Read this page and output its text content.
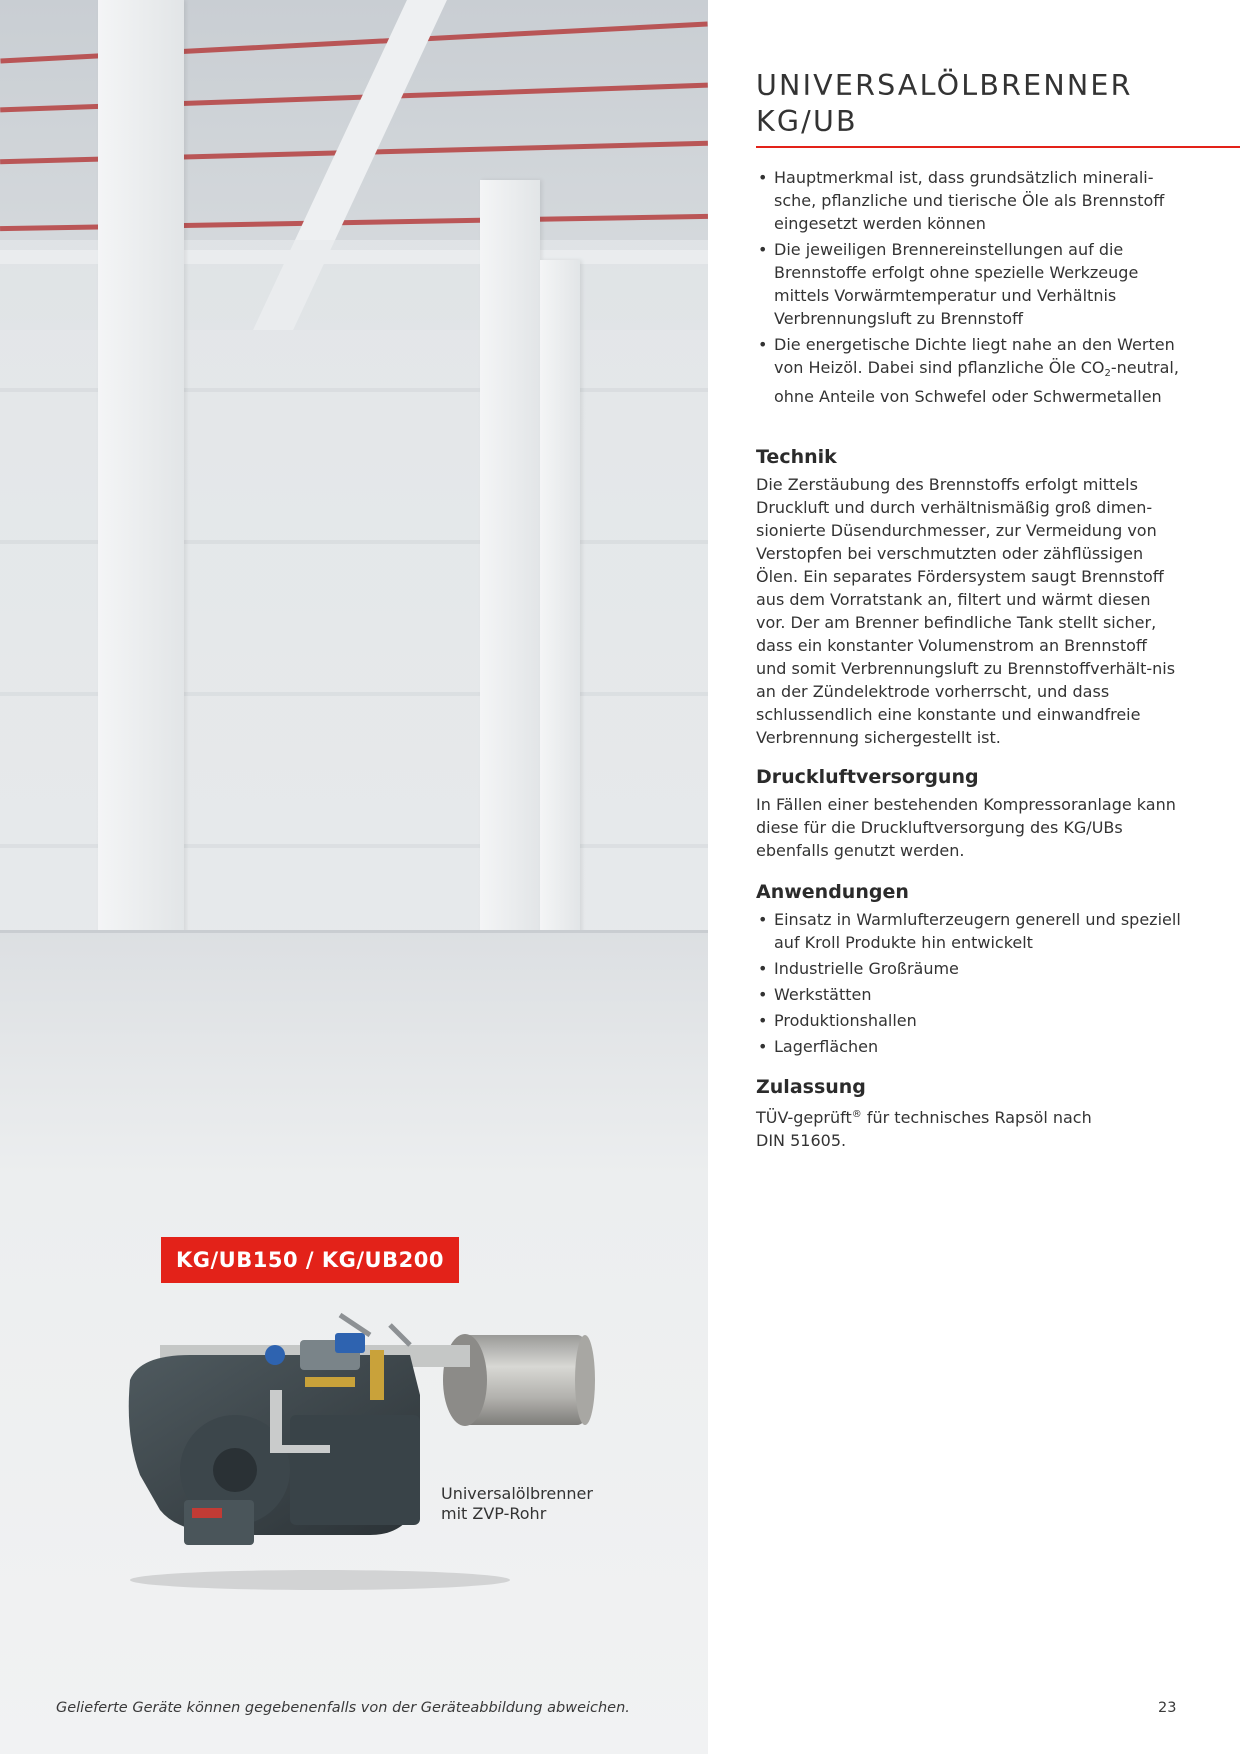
KG/UB150 / KG/UB200
Universalölbrenner
mit ZVP-Rohr
UNIVERSALÖLBRENNER
KG/UB
• Hauptmerkmal ist, dass grundsätzlich minerali-sche, pflanzliche und tierische Öle als Brennstoff eingesetzt werden können
• Die jeweiligen Brennereinstellungen auf die Brennstoffe erfolgt ohne spezielle Werkzeuge mittels Vorwärmtemperatur und Verhältnis Verbrennungsluft zu Brennstoff
• Die energetische Dichte liegt nahe an den Werten von Heizöl. Dabei sind pflanzliche Öle $CO_2$-neutral, ohne Anteile von Schwefel oder Schwermetallen
Technik

Die Zerstäubung des Brennstoffs erfolgt mittels Druckluft und durch verhältnismäßig groß dimen-sionierte Düsendurchmesser, zur Vermeidung von Verstopfen bei verschmutzten oder zähflüssigen Ölen. Ein separates Fördersystem saugt Brennstoff aus dem Vorratstank an, filtert und wärmt diesen vor. Der am Brenner befindliche Tank stellt sicher, dass ein konstanter Volumenstrom an Brennstoff und somit Verbrennungsluft zu Brennstoffverhält-nis an der Zündelektrode vorherrscht, und dass schlussendlich eine konstante und einwandfreie Verbrennung sichergestellt ist.

Druckluftversorgung

In Fällen einer bestehenden Kompressoranlage kann diese für die Druckluftversorgung des KG/UBs ebenfalls genutzt werden.

Anwendungen
• Einsatz in Warmlufterzeugern generell und speziell auf Kroll Produkte hin entwickelt
• Industrielle Großräume
• Werkstätten
• Produktionshallen
• Lagerflächen
Zulassung

TÜV-geprüft® für technisches Rapsöl nach
DIN 51605.

Gelieferte Geräte können gegebenenfalls von der Geräteabbildung abweichen.	23
